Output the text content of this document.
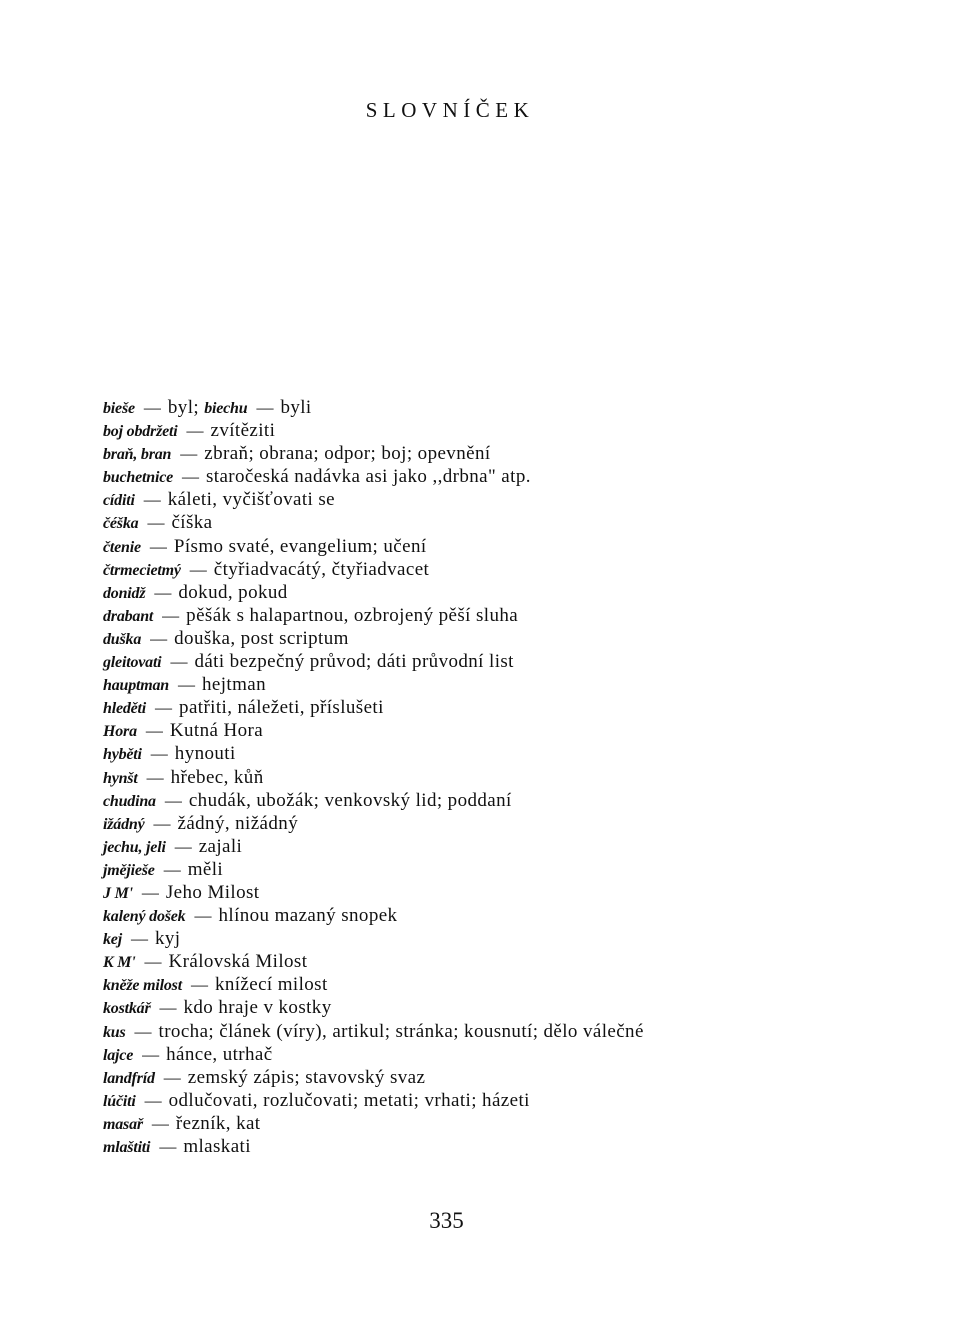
SLOVNÍČEK
bieše — byl; biechu — byli
boj obdržeti — zvítěziti
braň, bran — zbraň; obrana; odpor; boj; opevnění
buchetnice — staročeská nadávka asi jako ,,drbna" atp.
cíditi — káleti, vyčišťovati se
čéška — číška
čtenie — Písmo svaté, evangelium; učení
čtrmecietmý — čtyřiadvacátý, čtyřiadvacet
donidž — dokud, pokud
drabant — pěšák s halapartnou, ozbrojený pěší sluha
duška — douška, post scriptum
gleitovati — dáti bezpečný průvod; dáti průvodní list
hauptman — hejtman
hleděti — patřiti, náležeti, příslušeti
Hora — Kutná Hora
hyběti — hynouti
hynšt — hřebec, kůň
chudina — chudák, ubožák; venkovský lid; poddaní
ižádný — žádný, nižádný
jechu, jeli — zajali
jmějieše — měli
J M' — Jeho Milost
kalený došek — hlínou mazaný snopek
kej — kyj
K M' — Královská Milost
kněže milost — knížecí milost
kostkář — kdo hraje v kostky
kus — trocha; článek (víry), artikul; stránka; kousnutí; dělo válečné
lajce — hánce, utrhač
landfríd — zemský zápis; stavovský svaz
lúčiti — odlučovati, rozlučovati; metati; vrhati; házeti
masař — řezník, kat
mlaštiti — mlaskati
335
